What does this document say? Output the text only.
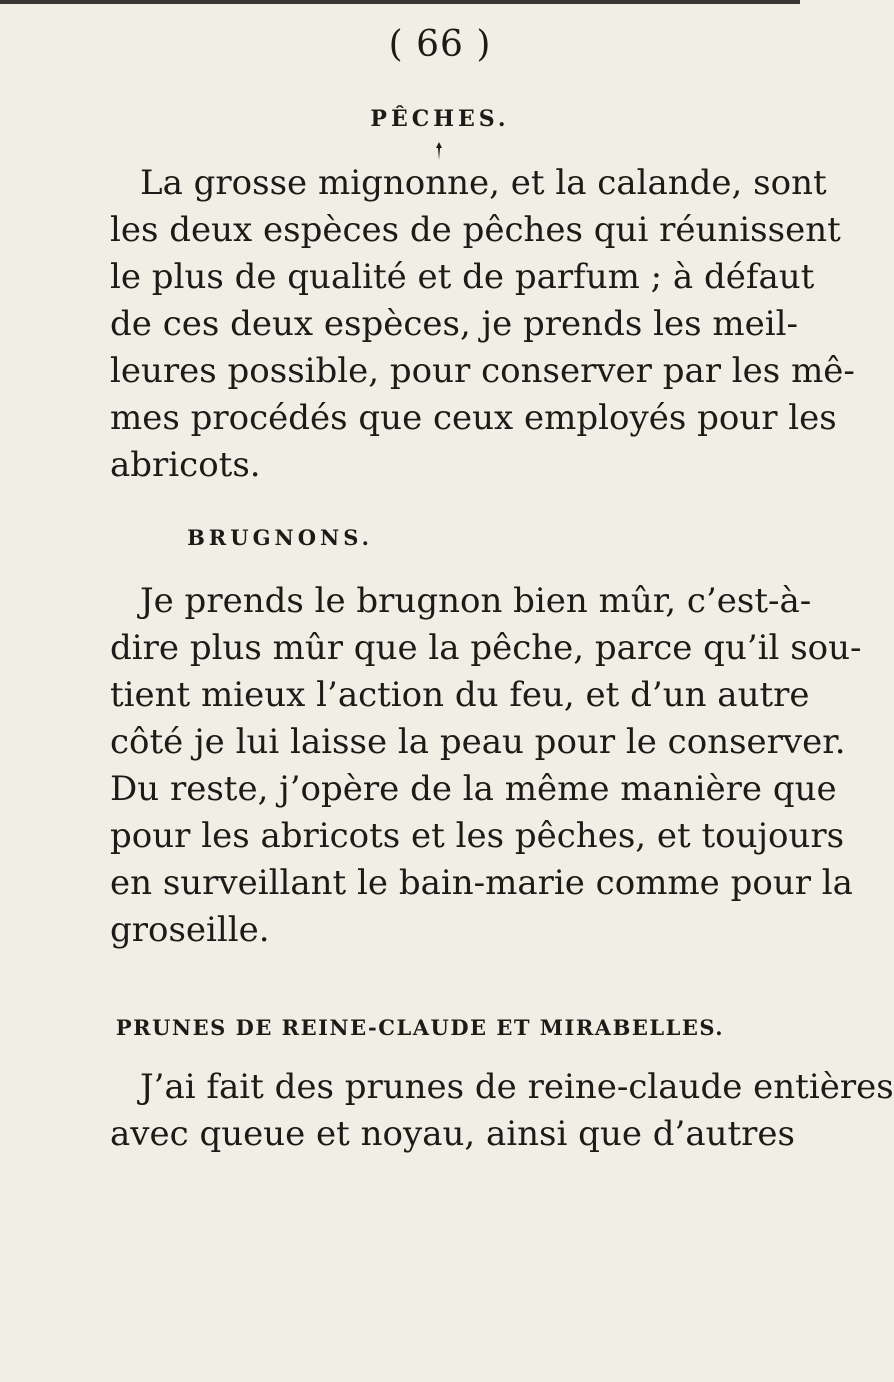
( 66 )
PÊCHES.
La grosse mignonne, et la calande, sont
les deux espèces de pêches qui réunissent
le plus de qualité et de parfum ; à défaut
de ces deux espèces, je prends les meil-
leures possible, pour conserver par les mê-
mes procédés que ceux employés pour les
abricots.
BRUGNONS.
Je prends le brugnon bien mûr, c’est-à-
dire plus mûr que la pêche, parce qu’il sou-
tient mieux l’action du feu, et d’un autre
côté je lui laisse la peau pour le conserver.
Du reste, j’opère de la même manière que
pour les abricots et les pêches, et toujours
en surveillant le bain-marie comme pour la
groseille.
PRUNES DE REINE-CLAUDE ET MIRABELLES.
J’ai fait des prunes de reine-claude entières
avec queue et noyau, ainsi que d’autres
